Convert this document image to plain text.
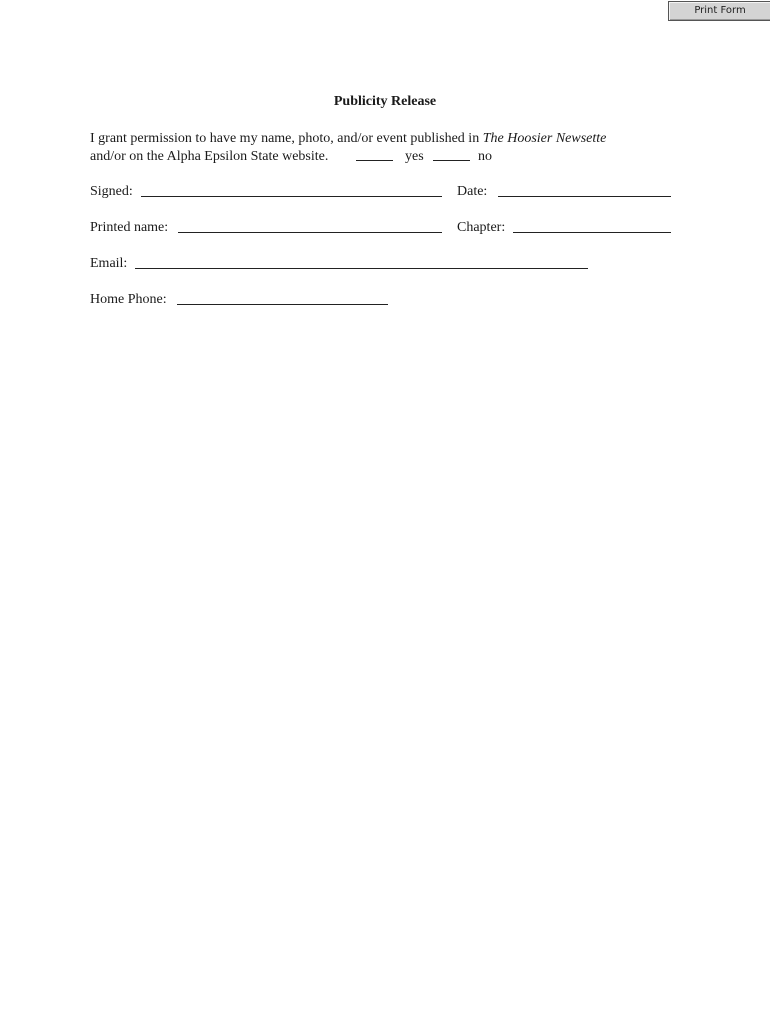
Print Form
Publicity Release
I grant permission to have my name, photo, and/or event published in The Hoosier Newsette
and/or on the Alpha Epsilon State website.	yes	no
Signed:	Date:
Printed name:	Chapter:
Email:
Home Phone:
